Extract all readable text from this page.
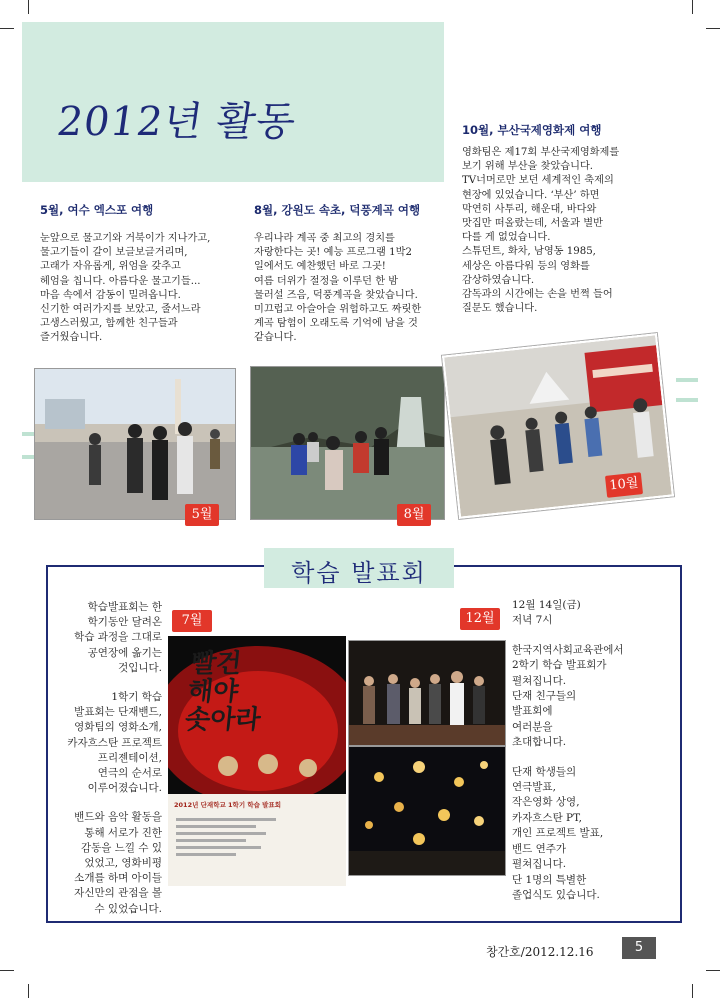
2012년 활동
5월, 여수 엑스포 여행	8월, 강원도 속초, 덕풍계곡 여행
10월, 부산국제영화제 여행

눈앞으로 물고기와 거북이가 지나가고,

물고기들이 갈이 보글보글거리며,

고래가 자유롭게, 위엄을 갖추고

헤엄을 칩니다. 아름다운 물고기들...

마음 속에서 감동이 밀려옵니다.

신기한 여러가지를 보았고, 줄서느라

고생스러웠고, 함께한 친구들과

즐거웠습니다.

우리나라 계곡 중 최고의 경치를

자랑한다는 곳! 예능 프로그램 1박2

일에서도 예찬했던 바로 그곳!

여름 더위가 절정을 이루던 한 밤

물러설 즈음, 덕풍계곡을 찾았습니다.

미끄럽고 아슬아슬 위험하고도 짜릿한

계곡 탐험이 오래도록 기억에 남을 것

같습니다.

영화팀은 제17회 부산국제영화제를

보기 위해 부산을 찾았습니다.

TV너머로만 보던 세계적인 축제의

현장에 있었습니다. ‘부산’ 하면

막연히 사투리, 해운대, 바다와

맛집만 떠올랐는데, 서울과 별반

다를 게 없었습니다.

스튜던트, 화차, 남영동 1985,

세상은 아름다워 등의 영화를

감상하였습니다.

감독과의 시간에는 손을 번쩍 들어

질문도 했습니다.

5월	8월
10월
학습 발표회

학습발표회는 한

학기동안 달려온

학습 과정을 그대로

공연장에 옮기는

것입니다.

1학기 학습

발표회는 단재밴드,

영화팀의 영화소개,

카자흐스탄 프로젝트

프리젠테이션,

연극의 순서로

이루어졌습니다.

밴드와 음악 활동을

통해 서로가 진한

감동을 느낄 수 있

었었고, 영화비평

소개를 하며 아이들

자신만의 관점을 볼

수 있었습니다.

빨건
해야
솟아라
2012년 단재학교 1학기 학습 발표회
7월	12월

12월 14일(금)

저녁 7시

한국지역사회교육관에서

2학기 학습 발표회가

펼쳐집니다.

단재 친구들의

발표회에

여러분을

초대합니다.

단재 학생들의

연극발표,

작은영화 상영,

카자흐스탄 PT,

개인 프로젝트 발표,

밴드 연주가

펼쳐집니다.

단 1명의 특별한

졸업식도 있습니다.

창간호/2012.12.16	5
